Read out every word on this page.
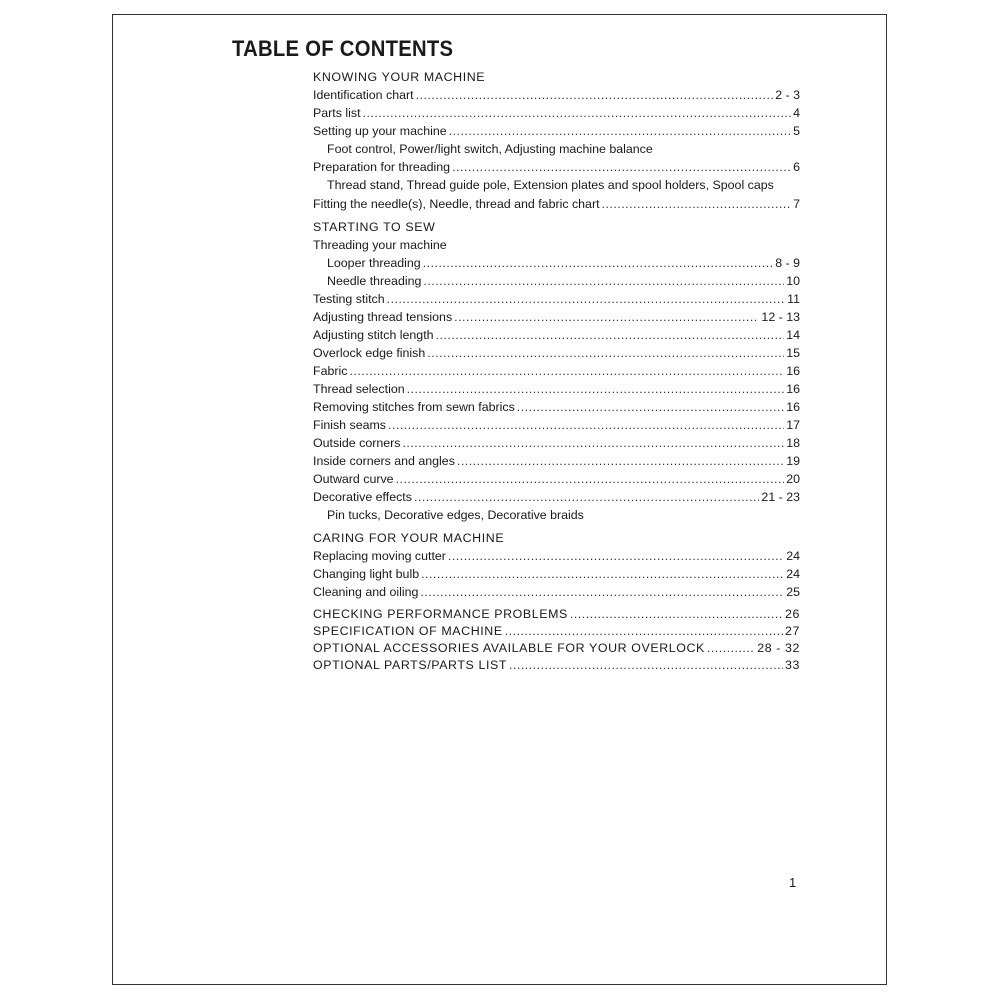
TABLE OF CONTENTS
KNOWING YOUR MACHINE
Identification chart .....	2 - 3
Parts list .....	4
Setting up your machine .....	5
Foot control, Power/light switch, Adjusting machine balance
Preparation for threading .....	6
Thread stand, Thread guide pole, Extension plates and spool holders, Spool caps
Fitting the needle(s), Needle, thread and fabric chart .....	7
STARTING TO SEW
Threading your machine
Looper threading .....	8 - 9
Needle threading .....	10
Testing stitch .....	11
Adjusting thread tensions .....	12 - 13
Adjusting stitch length .....	14
Overlock edge finish .....	15
Fabric .....	16
Thread selection .....	16
Removing stitches from sewn fabrics .....	16
Finish seams .....	17
Outside corners .....	18
Inside corners and angles .....	19
Outward curve .....	20
Decorative effects .....	21 - 23
Pin tucks, Decorative edges, Decorative braids
CARING FOR YOUR MACHINE
Replacing moving cutter .....	24
Changing light bulb .....	24
Cleaning and oiling .....	25
CHECKING PERFORMANCE PROBLEMS .....	26
SPECIFICATION OF MACHINE .....	27
OPTIONAL ACCESSORIES AVAILABLE FOR YOUR OVERLOCK .....	28 - 32
OPTIONAL PARTS/PARTS LIST .....	33
1
